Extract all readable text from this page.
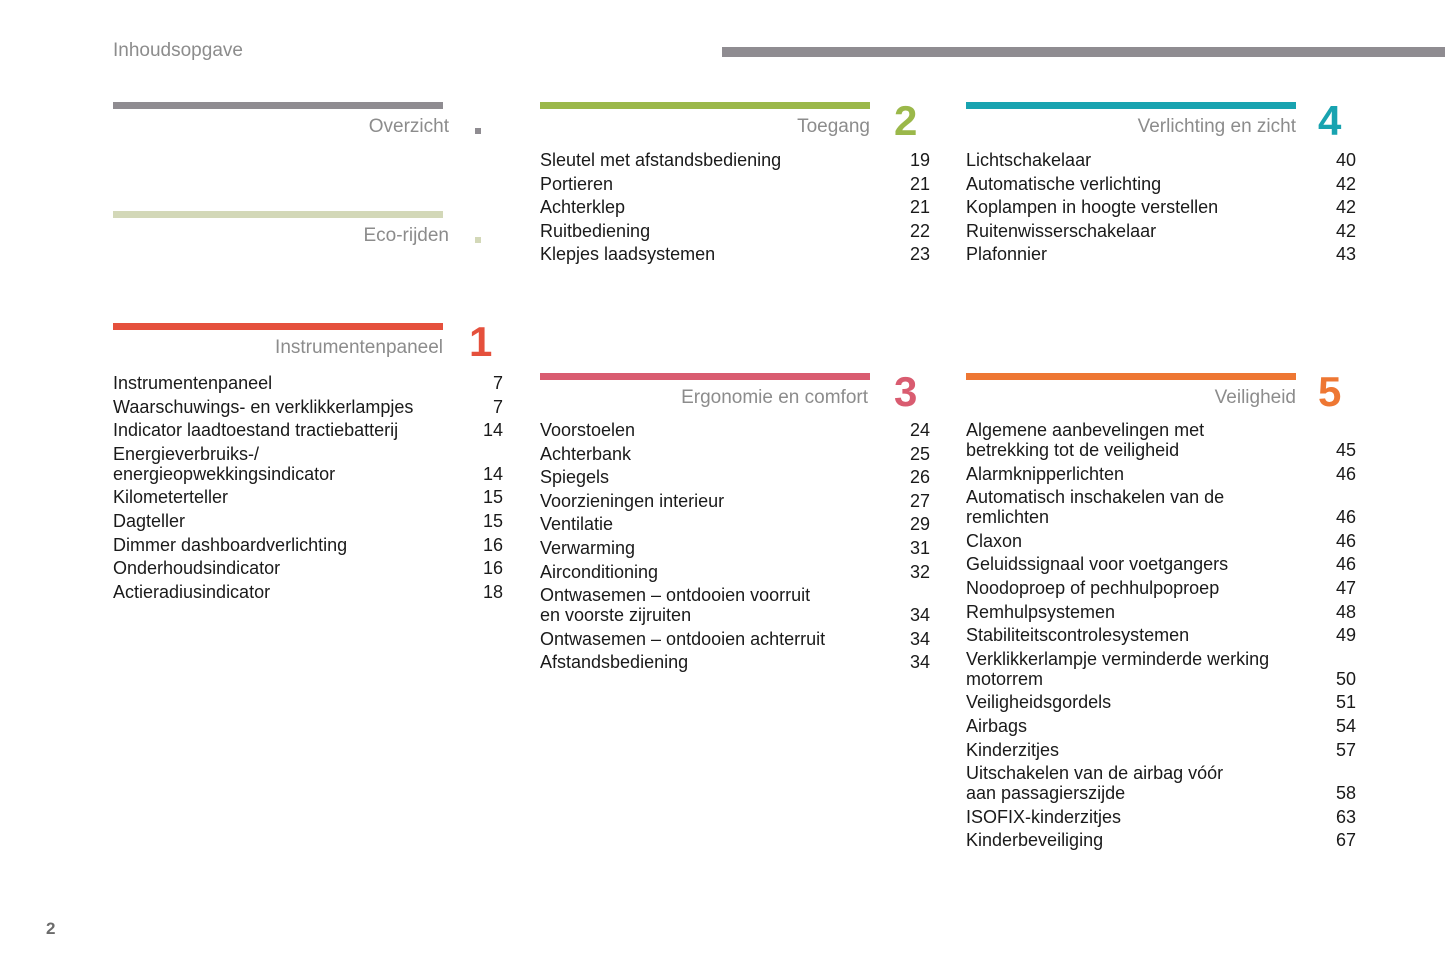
Inhoudsopgave
Overzicht
Eco-rijden
Instrumentenpaneel 1
Instrumentenpaneel	7
Waarschuwings- en verklikkerlampjes	7
Indicator laadtoestand tractiebatterij	14
Energieverbruiks-/
energieopwekkingsindicator	14
Kilometerteller	15
Dagteller	15
Dimmer dashboardverlichting	16
Onderhoudsindicator	16
Actieradiusindicator	18
Toegang 2
Sleutel met afstandsbediening	19
Portieren	21
Achterklep	21
Ruitbediening	22
Klepjes laadsystemen	23
Ergonomie en comfort 3
Voorstoelen	24
Achterbank	25
Spiegels	26
Voorzieningen interieur	27
Ventilatie	29
Verwarming	31
Airconditioning	32
Ontwasemen – ontdooien voorruit
en voorste zijruiten	34
Ontwasemen – ontdooien achterruit	34
Afstandsbediening	34
Verlichting en zicht 4
Lichtschakelaar	40
Automatische verlichting	42
Koplampen in hoogte verstellen	42
Ruitenwisserschakelaar	42
Plafonnier	43
Veiligheid 5
Algemene aanbevelingen met
betrekking tot de veiligheid	45
Alarmknipperlichten	46
Automatisch inschakelen van de remlichten	46
Claxon	46
Geluidssignaal voor voetgangers	46
Noodoproep of pechhulpoproep	47
Remhulpsystemen	48
Stabiliteitscontrolesystemen	49
Verklikkerlampje verminderde werking
motorrem	50
Veiligheidsgordels	51
Airbags	54
Kinderzitjes	57
Uitschakelen van de airbag vóór
aan passagierszijde	58
ISOFIX-kinderzitjes	63
Kinderbeveiliging	67
2
